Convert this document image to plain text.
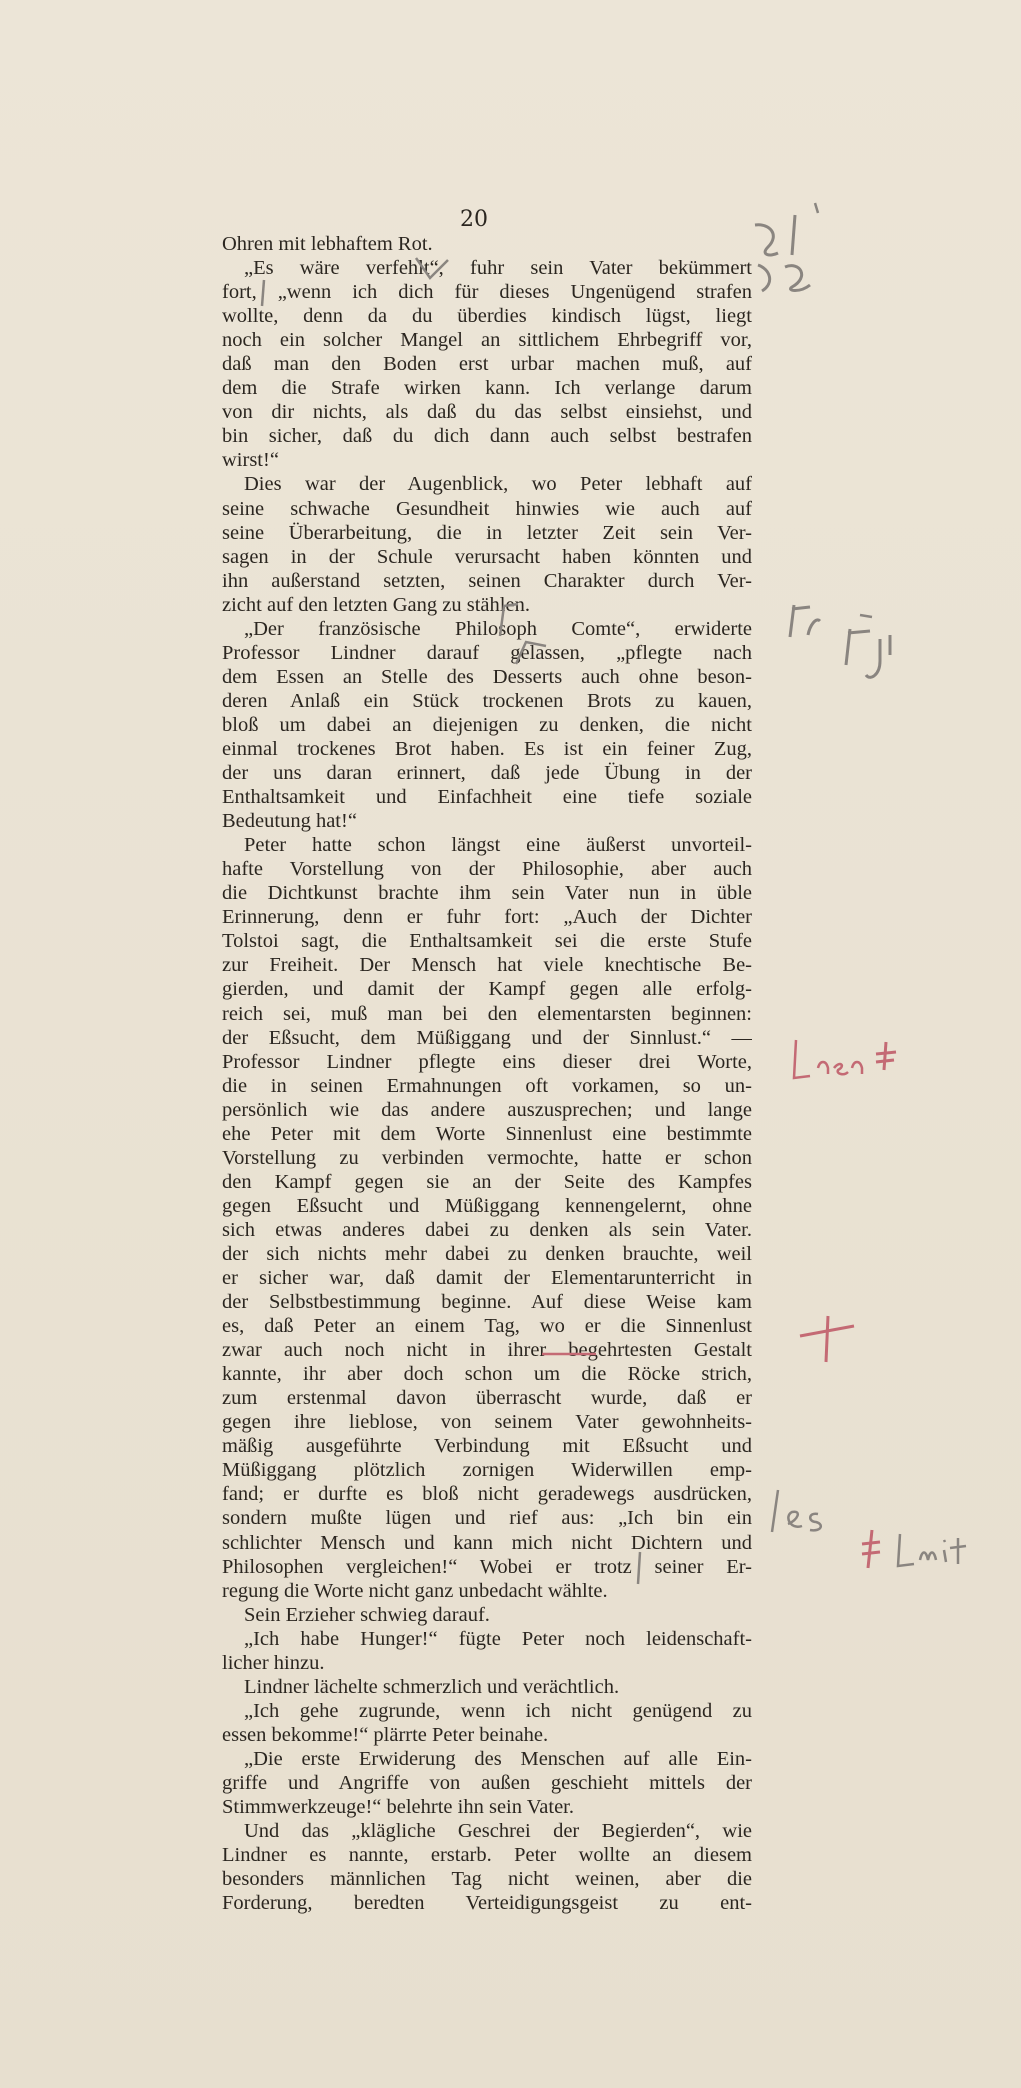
20
Ohren mit lebhaftem Rot.
„Es wäre verfehlt“, fuhr sein Vater bekümmert
fort, „wenn ich dich für dieses Ungenügend strafen
wollte, denn da du überdies kindisch lügst, liegt
noch ein solcher Mangel an sittlichem Ehrbegriff vor,
daß man den Boden erst urbar machen muß, auf
dem die Strafe wirken kann. Ich verlange darum
von dir nichts, als daß du das selbst einsiehst, und
bin sicher, daß du dich dann auch selbst bestrafen
wirst!“
Dies war der Augenblick, wo Peter lebhaft auf
seine schwache Gesundheit hinwies wie auch auf
seine Überarbeitung, die in letzter Zeit sein Ver-
sagen in der Schule verursacht haben könnten und
ihn außerstand setzten, seinen Charakter durch Ver-
zicht auf den letzten Gang zu stählen.
„Der französische Philosoph Comte“, erwiderte
Professor Lindner darauf gelassen, „pflegte nach
dem Essen an Stelle des Desserts auch ohne beson-
deren Anlaß ein Stück trockenen Brots zu kauen,
bloß um dabei an diejenigen zu denken, die nicht
einmal trockenes Brot haben. Es ist ein feiner Zug,
der uns daran erinnert, daß jede Übung in der
Enthaltsamkeit und Einfachheit eine tiefe soziale
Bedeutung hat!“
Peter hatte schon längst eine äußerst unvorteil-
hafte Vorstellung von der Philosophie, aber auch
die Dichtkunst brachte ihm sein Vater nun in üble
Erinnerung, denn er fuhr fort: „Auch der Dichter
Tolstoi sagt, die Enthaltsamkeit sei die erste Stufe
zur Freiheit. Der Mensch hat viele knechtische Be-
gierden, und damit der Kampf gegen alle erfolg-
reich sei, muß man bei den elementarsten beginnen:
der Eßsucht, dem Müßiggang und der Sinnlust.“ —
Professor Lindner pflegte eins dieser drei Worte,
die in seinen Ermahnungen oft vorkamen, so un-
persönlich wie das andere auszusprechen; und lange
ehe Peter mit dem Worte Sinnenlust eine bestimmte
Vorstellung zu verbinden vermochte, hatte er schon
den Kampf gegen sie an der Seite des Kampfes
gegen Eßsucht und Müßiggang kennengelernt, ohne
sich etwas anderes dabei zu denken als sein Vater.
der sich nichts mehr dabei zu denken brauchte, weil
er sicher war, daß damit der Elementarunterricht in
der Selbstbestimmung beginne. Auf diese Weise kam
es, daß Peter an einem Tag, wo er die Sinnenlust
zwar auch noch nicht in ihrer begehrtesten Gestalt
kannte, ihr aber doch schon um die Röcke strich,
zum erstenmal davon überrascht wurde, daß er
gegen ihre lieblose, von seinem Vater gewohnheits-
mäßig ausgeführte Verbindung mit Eßsucht und
Müßiggang plötzlich zornigen Widerwillen emp-
fand; er durfte es bloß nicht geradewegs ausdrücken,
sondern mußte lügen und rief aus: „Ich bin ein
schlichter Mensch und kann mich nicht Dichtern und
Philosophen vergleichen!“ Wobei er trotz seiner Er-
regung die Worte nicht ganz unbedacht wählte.
Sein Erzieher schwieg darauf.
„Ich habe Hunger!“ fügte Peter noch leidenschaft-
licher hinzu.
Lindner lächelte schmerzlich und verächtlich.
„Ich gehe zugrunde, wenn ich nicht genügend zu
essen bekomme!“ plärrte Peter beinahe.
„Die erste Erwiderung des Menschen auf alle Ein-
griffe und Angriffe von außen geschieht mittels der
Stimmwerkzeuge!“ belehrte ihn sein Vater.
Und das „klägliche Geschrei der Begierden“, wie
Lindner es nannte, erstarb. Peter wollte an diesem
besonders männlichen Tag nicht weinen, aber die
Forderung, beredten Verteidigungsgeist zu ent-
